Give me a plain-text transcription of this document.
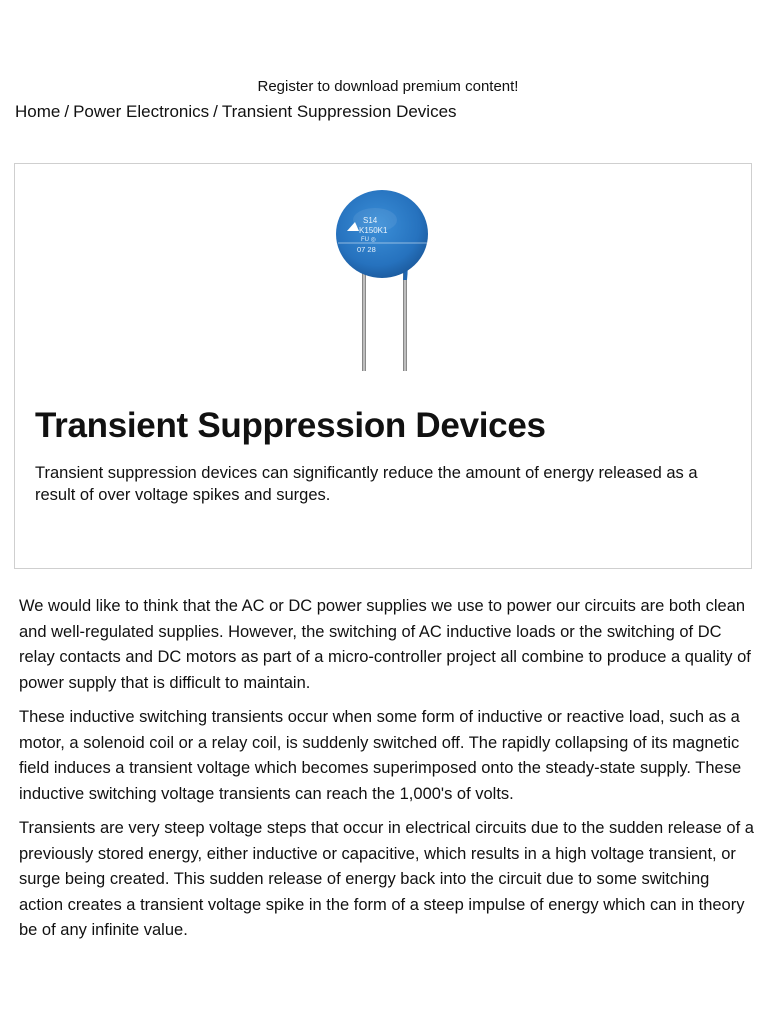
Register to download premium content!
Home / Power Electronics / Transient Suppression Devices
S14
K150K1
FU ◎
07 28
Transient Suppression Devices

Transient suppression devices can significantly reduce the amount of energy released as a result of over voltage spikes and surges.

We would like to think that the AC or DC power supplies we use to power our circuits are both clean and well-regulated supplies. However, the switching of AC inductive loads or the switching of DC relay contacts and DC motors as part of a micro-controller project all combine to produce a quality of power supply that is difficult to maintain.

These inductive switching transients occur when some form of inductive or reactive load, such as a motor, a solenoid coil or a relay coil, is suddenly switched off. The rapidly collapsing of its magnetic field induces a transient voltage which becomes superimposed onto the steady-state supply. These inductive switching voltage transients can reach the 1,000's of volts.

Transients are very steep voltage steps that occur in electrical circuits due to the sudden release of a previously stored energy, either inductive or capacitive, which results in a high voltage transient, or surge being created. This sudden release of energy back into the circuit due to some switching action creates a transient voltage spike in the form of a steep impulse of energy which can in theory be of any infinite value.
